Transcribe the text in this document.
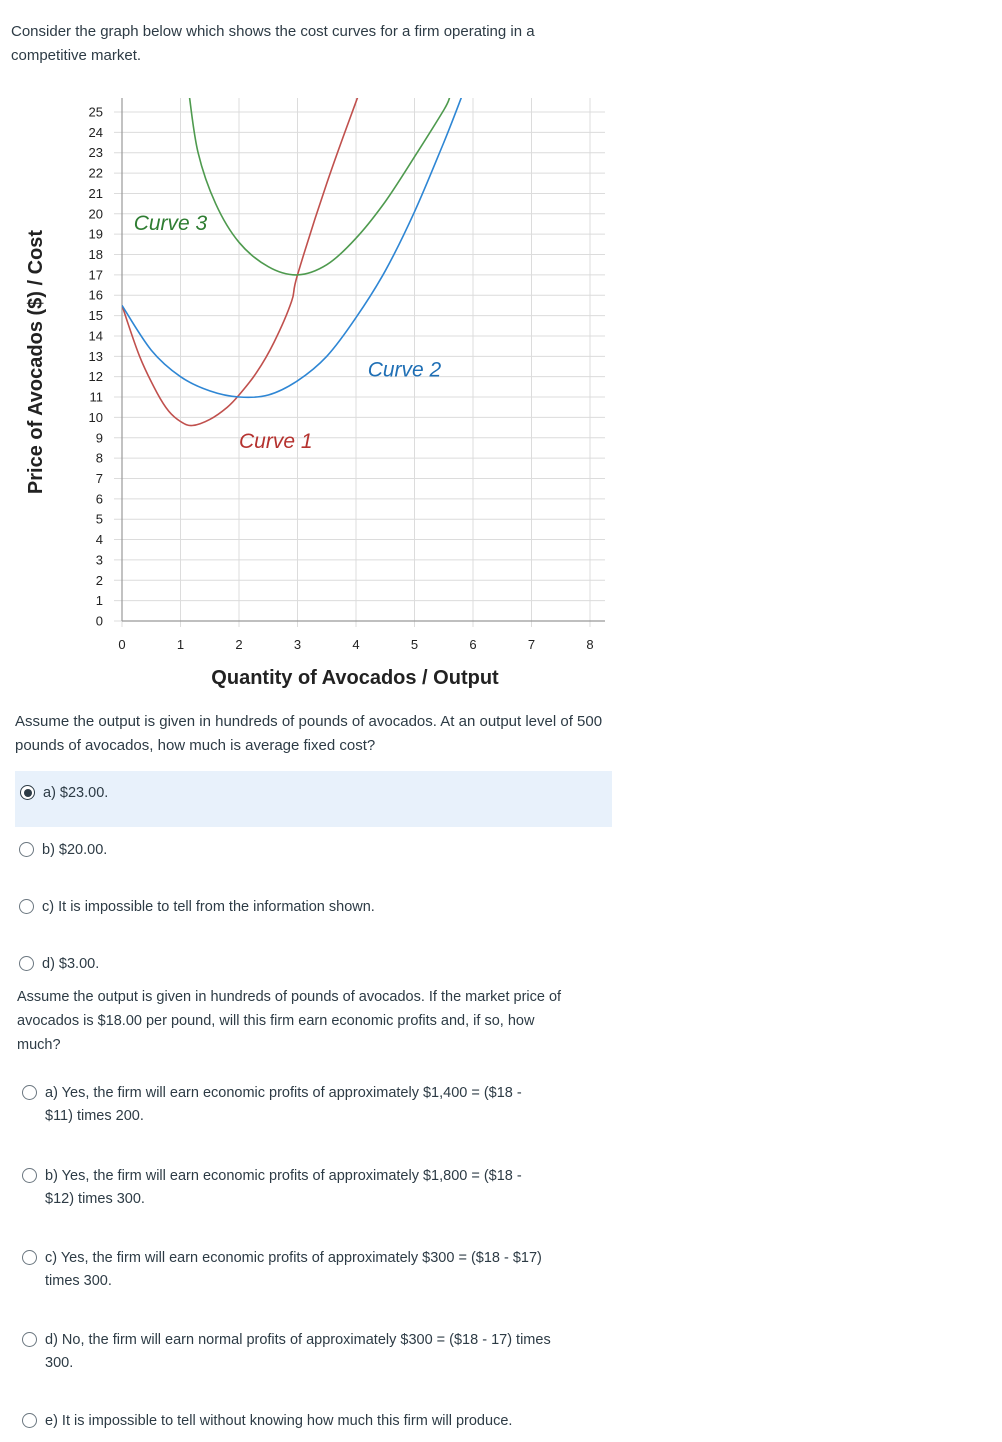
Consider the graph below which shows the cost curves for a firm operating in a competitive market.

0
1
2
3
4
5
6
7
8
9
10
11
12
13
14
15
16
17
18
19
20
21
22
23
24
25
0	1	2	3	4	5	6	7	8
Quantity of Avocados / Output
Price of Avocados ($) / Cost	Curve 1
Curve 2
Curve 3

Assume the output is given in hundreds of pounds of avocados. At an output level of 500 pounds of avocados, how much is average fixed cost?

a) $23.00.
b) $20.00.
c) It is impossible to tell from the information shown.
d) $3.00.

Assume the output is given in hundreds of pounds of avocados. If the market price of avocados is $18.00 per pound, will this firm earn economic profits and, if so, how much?

a) Yes, the firm will earn economic profits of approximately $1,400 = ($18 - $11) times 200.
b) Yes, the firm will earn economic profits of approximately $1,800 = ($18 - $12) times 300.
c) Yes, the firm will earn economic profits of approximately $300 = ($18 - $17) times 300.
d) No, the firm will earn normal profits of approximately $300 = ($18 - 17) times 300.
e) It is impossible to tell without knowing how much this firm will produce.
